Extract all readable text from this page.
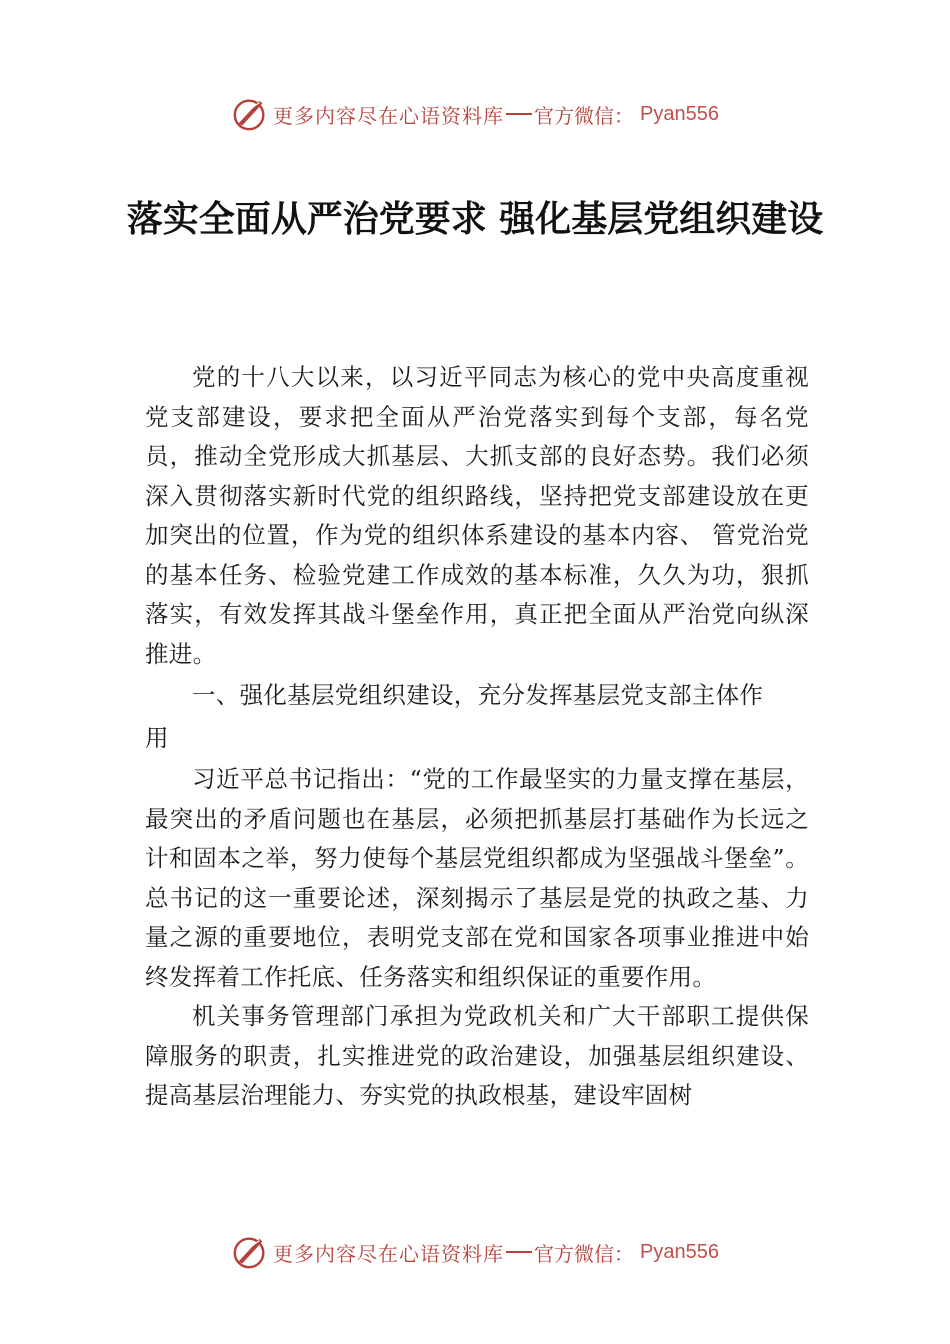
更多内容尽在心语资料库 官方微信： Pyan556
落实全面从严治党要求 强化基层党组织建设

党的十八大以来，以习近平同志为核心的党中央高度重视党支部建设，要求把全面从严治党落实到每个支部，每名党员，推动全党形成大抓基层、大抓支部的良好态势。我们必须深入贯彻落实新时代党的组织路线，坚持把党支部建设放在更加突出的位置，作为党的组织体系建设的基本内容、 管党治党的基本任务、检验党建工作成效的基本标准，久久为功，狠抓落实，有效发挥其战斗堡垒作用，真正把全面从严治党向纵深推进。

一、强化基层党组织建设，充分发挥基层党支部主体作用

习近平总书记指出：“党的工作最坚实的力量支撑在基层，最突出的矛盾问题也在基层，必须把抓基层打基础作为长远之计和固本之举，努力使每个基层党组织都成为坚强战斗堡垒”。总书记的这一重要论述，深刻揭示了基层是党的执政之基、力量之源的重要地位，表明党支部在党和国家各项事业推进中始终发挥着工作托底、任务落实和组织保证的重要作用。

机关事务管理部门承担为党政机关和广大干部职工提供保障服务的职责，扎实推进党的政治建设，加强基层组织建设、提高基层治理能力、夯实党的执政根基，建设牢固树

更多内容尽在心语资料库 官方微信： Pyan556
